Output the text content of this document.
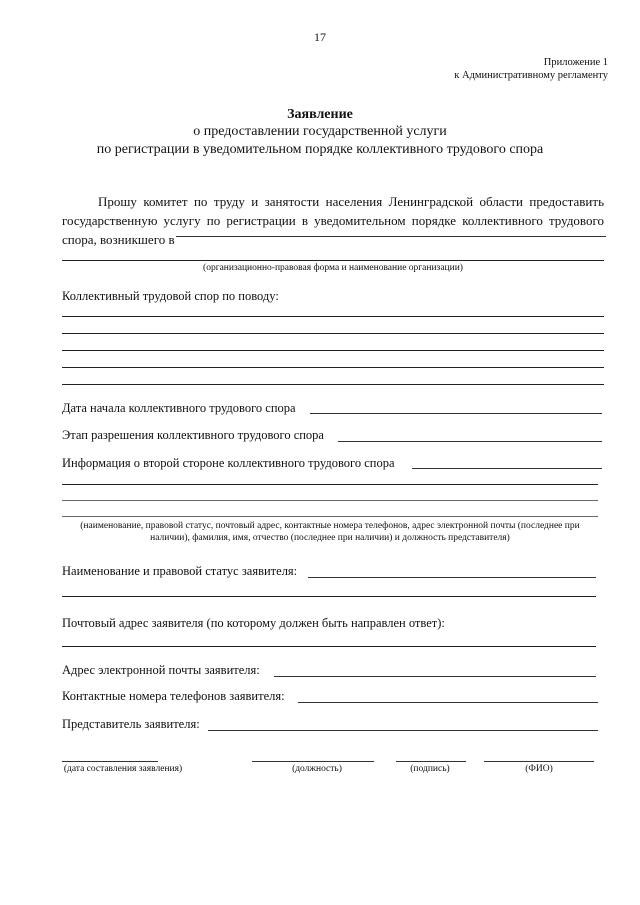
17
Приложение 1
к Административному регламенту
Заявление
о предоставлении государственной услуги
по регистрации в уведомительном порядке коллективного трудового спора
Прошу комитет по труду и занятости населения Ленинградской области предоставить государственную услугу по регистрации в уведомительном порядке коллективного трудового спора, возникшего в
(организационно-правовая форма и наименование организации)
Коллективный трудовой спор по поводу:
Дата начала коллективного трудового спора
Этап разрешения коллективного трудового спора
Информация о второй стороне коллективного трудового спора
(наименование, правовой статус, почтовый адрес, контактные номера телефонов, адрес электронной почты (последнее при наличии), фамилия, имя, отчество (последнее при наличии) и должность представителя)
Наименование и правовой статус заявителя:
Почтовый адрес заявителя (по которому должен быть направлен ответ):
Адрес электронной почты заявителя:
Контактные номера телефонов заявителя:
Представитель заявителя:
(дата составления заявления)	(должность)	(подпись)	(ФИО)
